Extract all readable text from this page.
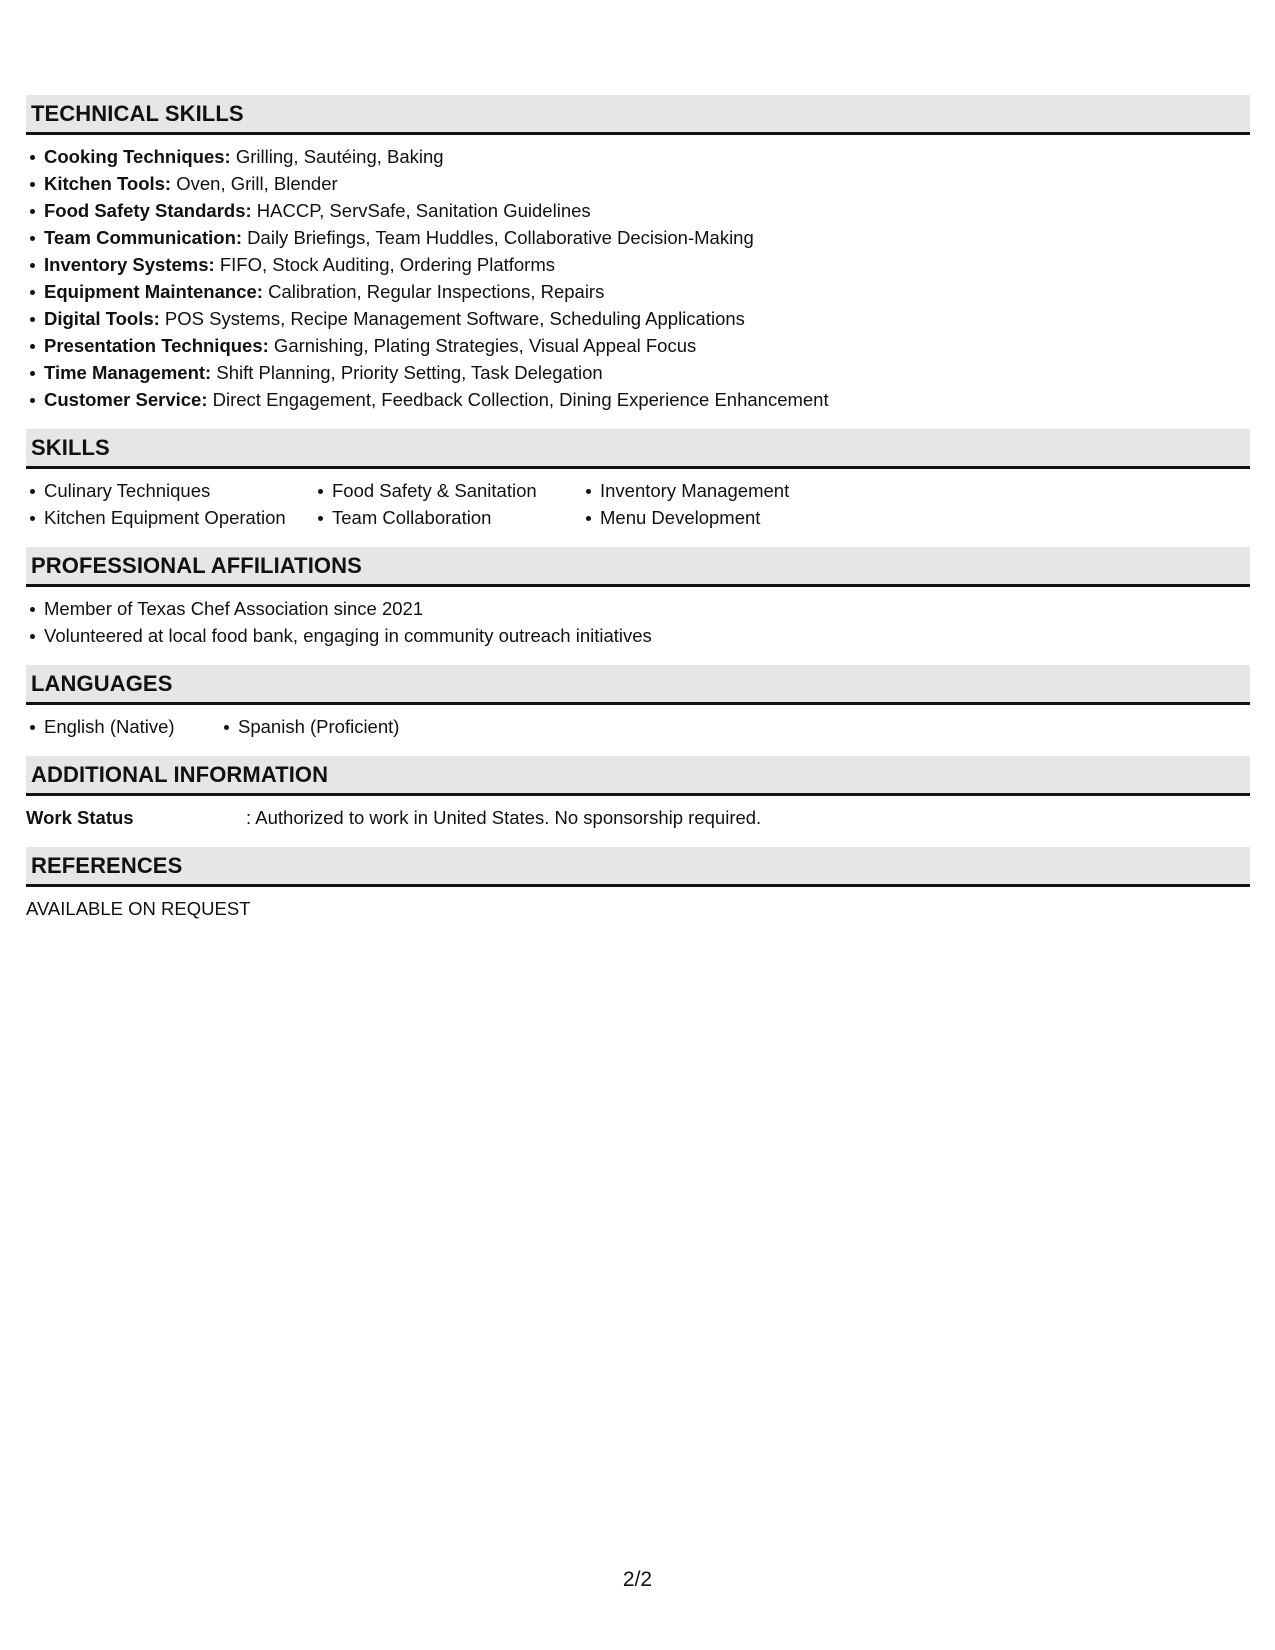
TECHNICAL SKILLS
Cooking Techniques: Grilling, Sautéing, Baking
Kitchen Tools: Oven, Grill, Blender
Food Safety Standards: HACCP, ServSafe, Sanitation Guidelines
Team Communication: Daily Briefings, Team Huddles, Collaborative Decision-Making
Inventory Systems: FIFO, Stock Auditing, Ordering Platforms
Equipment Maintenance: Calibration, Regular Inspections, Repairs
Digital Tools: POS Systems, Recipe Management Software, Scheduling Applications
Presentation Techniques: Garnishing, Plating Strategies, Visual Appeal Focus
Time Management: Shift Planning, Priority Setting, Task Delegation
Customer Service: Direct Engagement, Feedback Collection, Dining Experience Enhancement
SKILLS
Culinary Techniques
Kitchen Equipment Operation
Food Safety & Sanitation
Team Collaboration
Inventory Management
Menu Development
PROFESSIONAL AFFILIATIONS
Member of Texas Chef Association since 2021
Volunteered at local food bank, engaging in community outreach initiatives
LANGUAGES
English (Native)	Spanish (Proficient)
ADDITIONAL INFORMATION
Work Status	: Authorized to work in United States. No sponsorship required.
REFERENCES
AVAILABLE ON REQUEST
2/2
